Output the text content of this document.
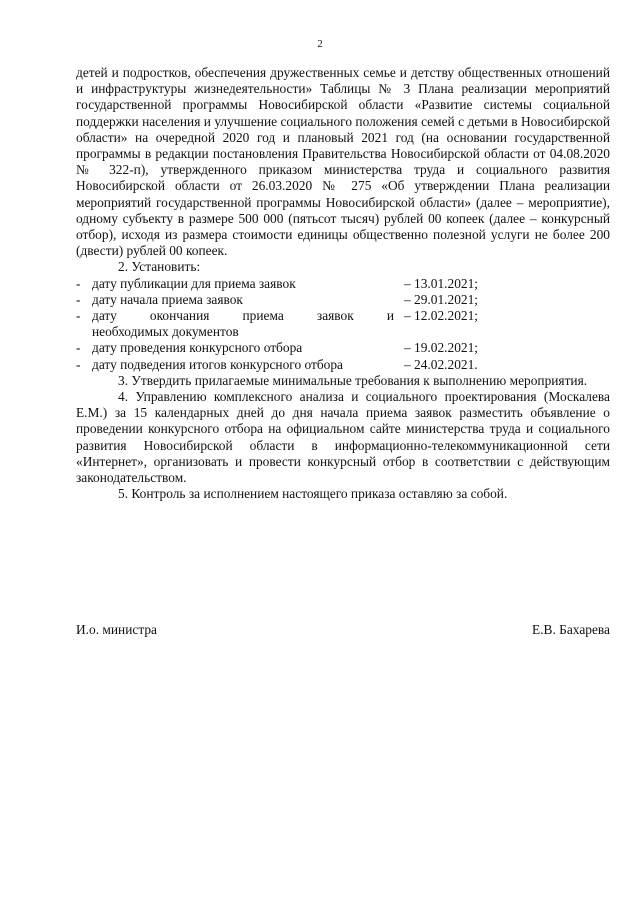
2

детей и подростков, обеспечения дружественных семье и детству общественных отношений и инфраструктуры жизнедеятельности» Таблицы № 3 Плана реализации мероприятий государственной программы Новосибирской области «Развитие системы социальной поддержки населения и улучшение социального положения семей с детьми в Новосибирской области» на очередной 2020 год и плановый 2021 год (на основании государственной программы в редакции постановления Правительства Новосибирской области от 04.08.2020 № 322-п), утвержденного приказом министерства труда и социального развития Новосибирской области от 26.03.2020 № 275 «Об утверждении Плана реализации мероприятий государственной программы Новосибирской области» (далее – мероприятие), одному субъекту в размере 500 000 (пятьсот тысяч) рублей 00 копеек (далее – конкурсный отбор), исходя из размера стоимости единицы общественно полезной услуги не более 200 (двести) рублей 00 копеек.

2. Установить:

- дату публикации для приема заявок	– 13.01.2021;
- дату начала приема заявок	– 29.01.2021;
- дату окончания приема заявок и – 12.02.2021;
необходимых документов
- дату проведения конкурсного отбора	– 19.02.2021;
- дату подведения итогов конкурсного отбора	– 24.02.2021.

3. Утвердить прилагаемые минимальные требования к выполнению мероприятия.

4. Управлению комплексного анализа и социального проектирования (Москалева Е.М.) за 15 календарных дней до дня начала приема заявок разместить объявление о проведении конкурсного отбора на официальном сайте министерства труда и социального развития Новосибирской области в информационно-телекоммуникационной сети «Интернет», организовать и провести конкурсный отбор в соответствии с действующим законодательством.

5. Контроль за исполнением настоящего приказа оставляю за собой.

И.о. министра	Е.В. Бахарева
